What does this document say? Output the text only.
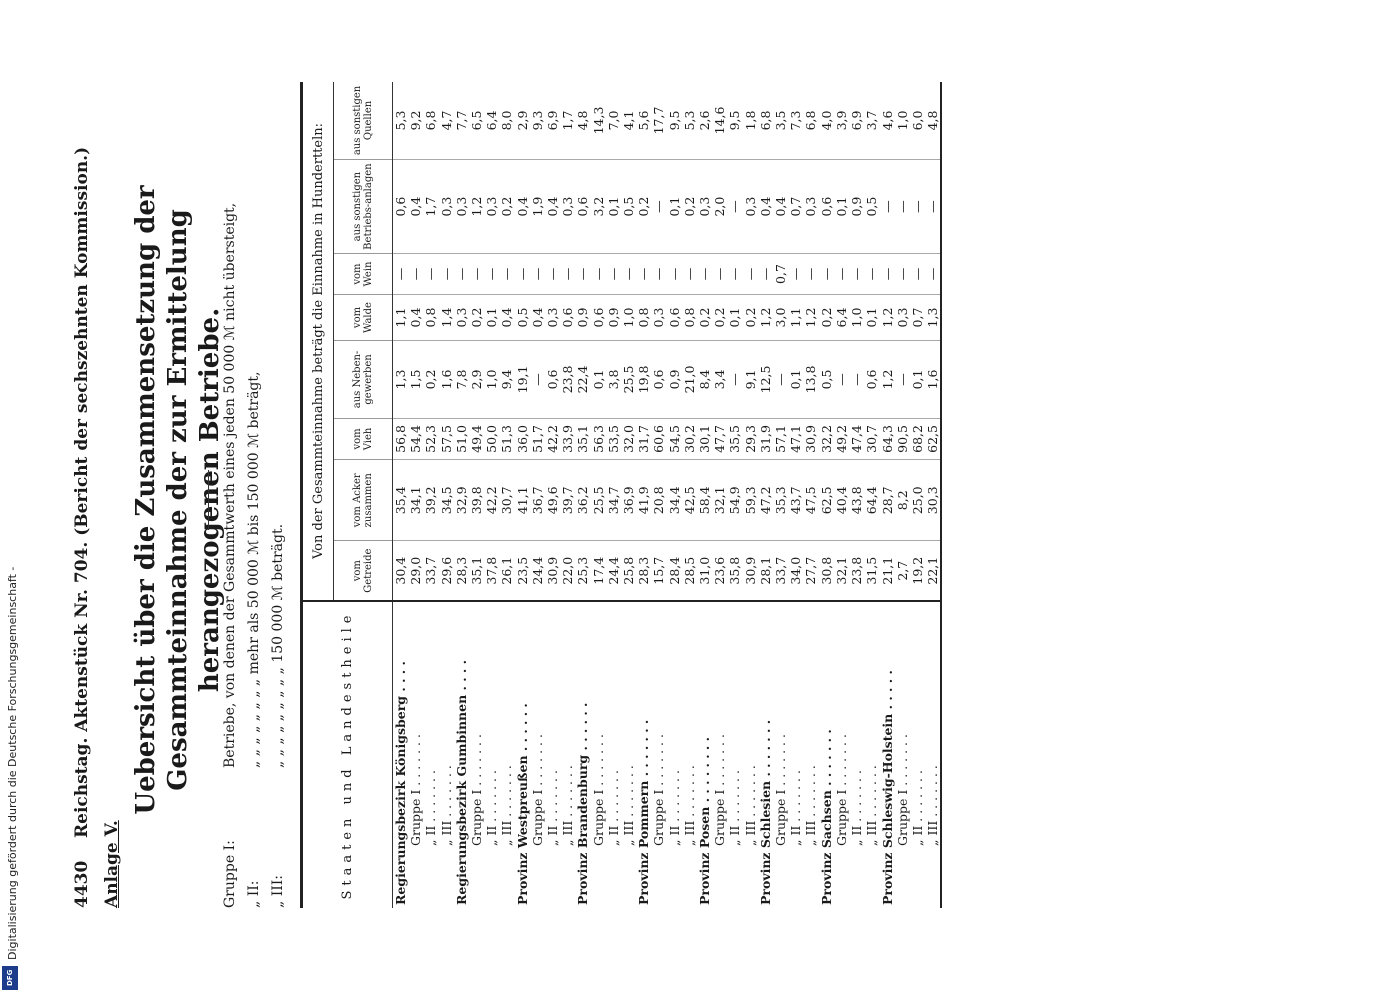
4430
Reichstag. Aktenstück Nr. 704. (Bericht der sechszehnten Kommission.)
Anlage V.
Uebersicht über die Zusammensetzung der Gesammteinnahme der zur Ermittelung herangezogenen Betriebe.
Gruppe I:
Betriebe, von denen der Gesammtwerth eines jeden 50 000 ℳ nicht übersteigt,
„ II:
„ „ „ „ „ „ „ „ mehr als 50 000 ℳ bis 150 000 ℳ beträgt,
„ III:
„ „ „ „ „ „ „ „ „ 150 000 ℳ beträgt.	Staaten und Landestheile	Von der Gesammteinnahme beträgt die Einnahme in Hundertteln:							
	vom Getreide	vom Acker zusammen	vom Vieh	aus Neben-gewerben	vom Walde	vom Wein	aus sonstigen Betriebs-anlagen	aus sonstigen Quellen
Regierungsbezirk Königsberg . . . .	30,4	35,4	56,8	1,3	1,1	—	0,6	5,3
Gruppe I . . . . . . .	29,0	34,1	54,4	1,5	0,4	—	0,4	9,2
„ II . . . . . . .	33,7	39,2	52,3	0,2	0,8	—	1,7	6,8
„ III . . . . . . .	29,6	34,5	57,5	1,6	1,4	—	0,3	4,7
Regierungsbezirk Gumbinnen . . . .	28,3	32,9	51,0	7,8	0,3	—	0,3	7,7
Gruppe I . . . . . . .	35,1	39,8	49,4	2,9	0,2	—	1,2	6,5
„ II . . . . . . .	37,8	42,2	50,0	1,0	0,1	—	0,3	6,4
„ III . . . . . . .	26,1	30,7	51,3	9,4	0,4	—	0,2	8,0
Provinz Westpreußen . . . . . .	23,5	41,1	36,0	19,1	0,5	—	0,4	2,9
Gruppe I . . . . . . .	24,4	36,7	51,7	—	0,4	—	1,9	9,3
„ II . . . . . . .	30,9	49,6	42,2	0,6	0,3	—	0,4	6,9
„ III . . . . . . .	22,0	39,7	33,9	23,8	0,6	—	0,3	1,7
Provinz Brandenburg . . . . . .	25,3	36,2	35,1	22,4	0,9	—	0,6	4,8
Gruppe I . . . . . . .	17,4	25,5	56,3	0,1	0,6	—	3,2	14,3
„ II . . . . . . .	24,4	34,7	53,5	3,8	0,9	—	0,1	7,0
„ III . . . . . . .	25,8	36,9	32,0	25,5	1,0	—	0,5	4,1
Provinz Pommern . . . . . . .	28,3	41,9	31,7	19,8	0,8	—	0,2	5,6
Gruppe I . . . . . . .	15,7	20,8	60,6	0,6	0,3	—	—	17,7
„ II . . . . . . .	28,4	34,4	54,5	0,9	0,6	—	0,1	9,5
„ III . . . . . . .	28,5	42,5	30,2	21,0	0,8	—	0,2	5,3
Provinz Posen . . . . . . . .	31,0	58,4	30,1	8,4	0,2	—	0,3	2,6
Gruppe I . . . . . . .	23,6	32,1	47,7	3,4	0,2	—	2,0	14,6
„ II . . . . . . .	35,8	54,9	35,5	—	0,1	—	—	9,5
„ III . . . . . . .	30,9	59,3	29,3	9,1	0,2	—	0,3	1,8
Provinz Schlesien . . . . . . .	28,1	47,2	31,9	12,5	1,2	—	0,4	6,8
Gruppe I . . . . . . .	33,7	35,3	57,1	—	3,0	0,7	0,4	3,5
„ II . . . . . . .	34,0	43,7	47,1	0,1	1,1	—	0,7	7,3
„ III . . . . . . .	27,7	47,5	30,9	13,8	1,2	—	0,3	6,8
Provinz Sachsen . . . . . . .	30,8	62,5	32,2	0,5	0,2	—	0,6	4,0
Gruppe I . . . . . . .	32,1	40,4	49,2	—	6,4	—	0,1	3,9
„ II . . . . . . .	23,8	43,8	47,4	—	1,0	—	0,9	6,9
„ III . . . . . . .	31,5	64,4	30,7	0,6	0,1	—	0,5	3,7
Provinz Schleswig-Holstein . . . . .	21,1	28,7	64,3	1,2	1,2	—	—	4,6
Gruppe I . . . . . . .	2,7	8,2	90,5	—	0,3	—	—	1,0
„ II . . . . . . .	19,2	25,0	68,2	0,1	0,7	—	—	6,0
„ III . . . . . . .	22,1	30,3	62,5	1,6	1,3	—	—	4,8
Digitalisierung gefördert durch die Deutsche Forschungsgemeinschaft -
DFG
